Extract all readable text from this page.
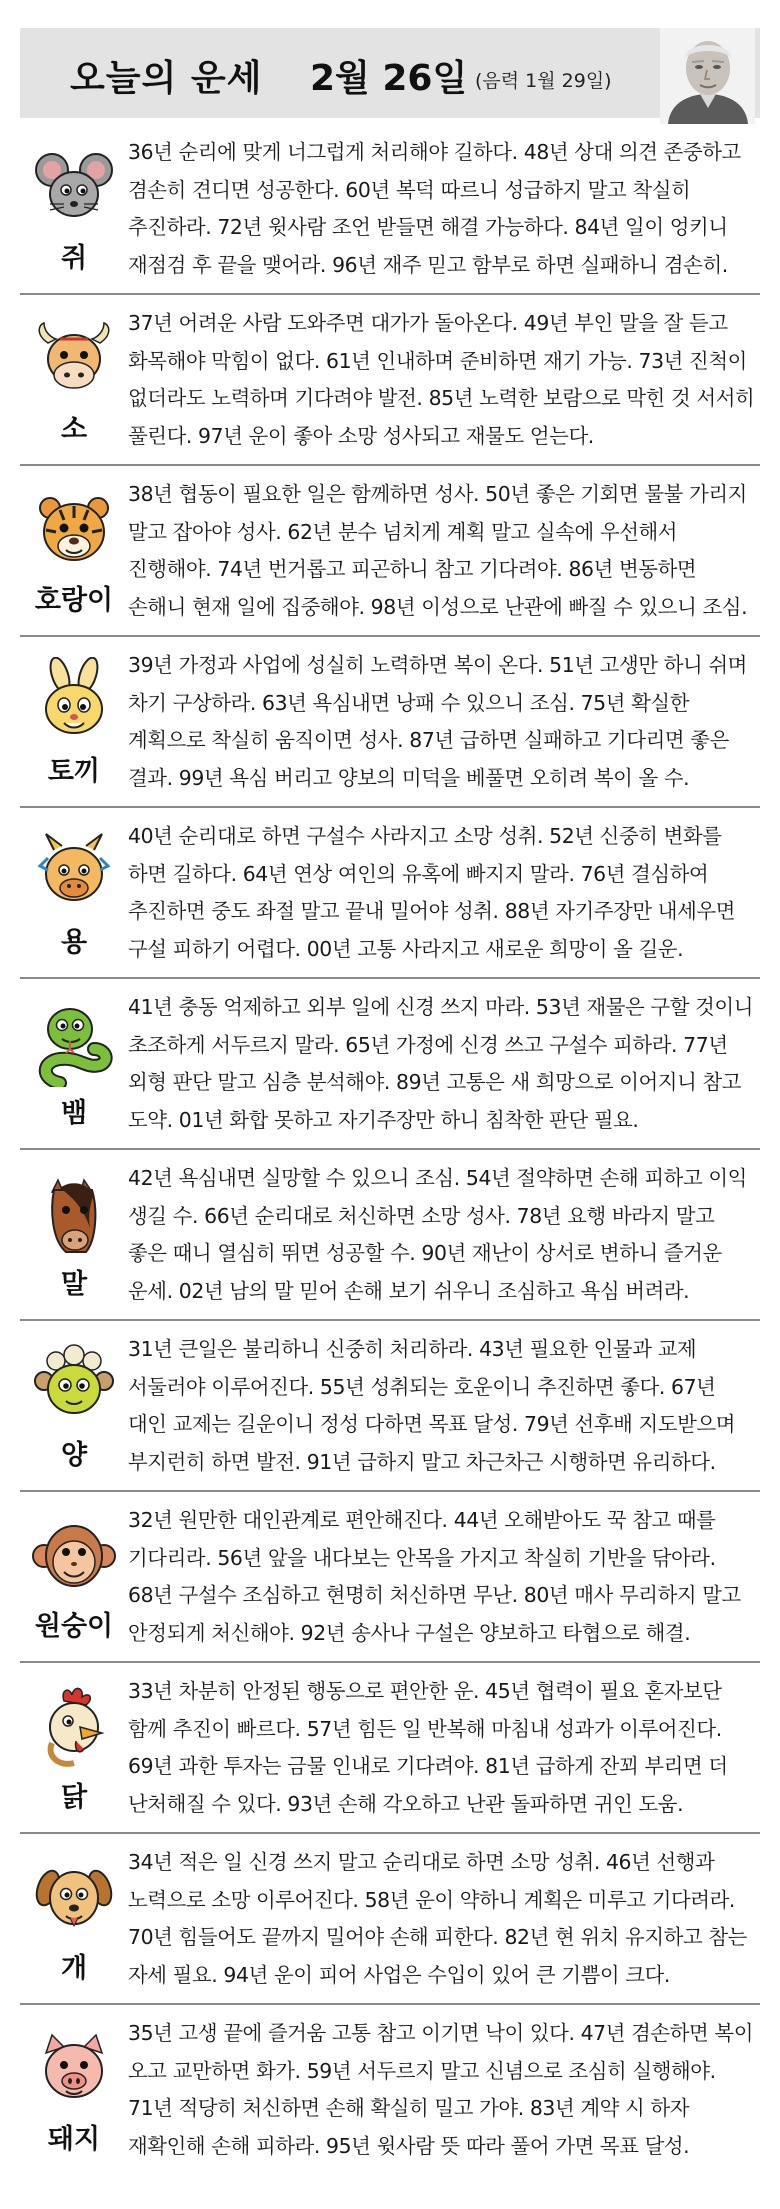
오늘의 운세 2월 26일 (음력 1월 29일)
쥐
36년 순리에 맞게 너그럽게 처리해야 길하다. 48년 상대 의견 존중하고 겸손히 견디면 성공한다. 60년 복덕 따르니 성급하지 말고 착실히 추진하라. 72년 윗사람 조언 받들면 해결 가능하다. 84년 일이 엉키니 재점검 후 끝을 맺어라. 96년 재주 믿고 함부로 하면 실패하니 겸손히.
소
37년 어려운 사람 도와주면 대가가 돌아온다. 49년 부인 말을 잘 듣고 화목해야 막힘이 없다. 61년 인내하며 준비하면 재기 가능. 73년 진척이 없더라도 노력하며 기다려야 발전. 85년 노력한 보람으로 막힌 것 서서히 풀린다. 97년 운이 좋아 소망 성사되고 재물도 얻는다.
호랑이
38년 협동이 필요한 일은 함께하면 성사. 50년 좋은 기회면 물불 가리지 말고 잡아야 성사. 62년 분수 넘치게 계획 말고 실속에 우선해서 진행해야. 74년 번거롭고 피곤하니 참고 기다려야. 86년 변동하면 손해니 현재 일에 집중해야. 98년 이성으로 난관에 빠질 수 있으니 조심.
토끼
39년 가정과 사업에 성실히 노력하면 복이 온다. 51년 고생만 하니 쉬며 차기 구상하라. 63년 욕심내면 낭패 수 있으니 조심. 75년 확실한 계획으로 착실히 움직이면 성사. 87년 급하면 실패하고 기다리면 좋은 결과. 99년 욕심 버리고 양보의 미덕을 베풀면 오히려 복이 올 수.
용
40년 순리대로 하면 구설수 사라지고 소망 성취. 52년 신중히 변화를 하면 길하다. 64년 연상 여인의 유혹에 빠지지 말라. 76년 결심하여 추진하면 중도 좌절 말고 끝내 밀어야 성취. 88년 자기주장만 내세우면 구설 피하기 어렵다. 00년 고통 사라지고 새로운 희망이 올 길운.
뱀
41년 충동 억제하고 외부 일에 신경 쓰지 마라. 53년 재물은 구할 것이니 초조하게 서두르지 말라. 65년 가정에 신경 쓰고 구설수 피하라. 77년 외형 판단 말고 심층 분석해야. 89년 고통은 새 희망으로 이어지니 참고 도약. 01년 화합 못하고 자기주장만 하니 침착한 판단 필요.
말
42년 욕심내면 실망할 수 있으니 조심. 54년 절약하면 손해 피하고 이익 생길 수. 66년 순리대로 처신하면 소망 성사. 78년 요행 바라지 말고 좋은 때니 열심히 뛰면 성공할 수. 90년 재난이 상서로 변하니 즐거운 운세. 02년 남의 말 믿어 손해 보기 쉬우니 조심하고 욕심 버려라.
양
31년 큰일은 불리하니 신중히 처리하라. 43년 필요한 인물과 교제 서둘러야 이루어진다. 55년 성취되는 호운이니 추진하면 좋다. 67년 대인 교제는 길운이니 정성 다하면 목표 달성. 79년 선후배 지도받으며 부지런히 하면 발전. 91년 급하지 말고 차근차근 시행하면 유리하다.
원숭이
32년 원만한 대인관계로 편안해진다. 44년 오해받아도 꾹 참고 때를 기다리라. 56년 앞을 내다보는 안목을 가지고 착실히 기반을 닦아라. 68년 구설수 조심하고 현명히 처신하면 무난. 80년 매사 무리하지 말고 안정되게 처신해야. 92년 송사나 구설은 양보하고 타협으로 해결.
닭
33년 차분히 안정된 행동으로 편안한 운. 45년 협력이 필요 혼자보단 함께 추진이 빠르다. 57년 힘든 일 반복해 마침내 성과가 이루어진다. 69년 과한 투자는 금물 인내로 기다려야. 81년 급하게 잔꾀 부리면 더 난처해질 수 있다. 93년 손해 각오하고 난관 돌파하면 귀인 도움.
개
34년 적은 일 신경 쓰지 말고 순리대로 하면 소망 성취. 46년 선행과 노력으로 소망 이루어진다. 58년 운이 약하니 계획은 미루고 기다려라. 70년 힘들어도 끝까지 밀어야 손해 피한다. 82년 현 위치 유지하고 참는 자세 필요. 94년 운이 피어 사업은 수입이 있어 큰 기쁨이 크다.
돼지
35년 고생 끝에 즐거움 고통 참고 이기면 낙이 있다. 47년 겸손하면 복이 오고 교만하면 화가. 59년 서두르지 말고 신념으로 조심히 실행해야. 71년 적당히 처신하면 손해 확실히 밀고 가야. 83년 계약 시 하자 재확인해 손해 피하라. 95년 윗사람 뜻 따라 풀어 가면 목표 달성.
